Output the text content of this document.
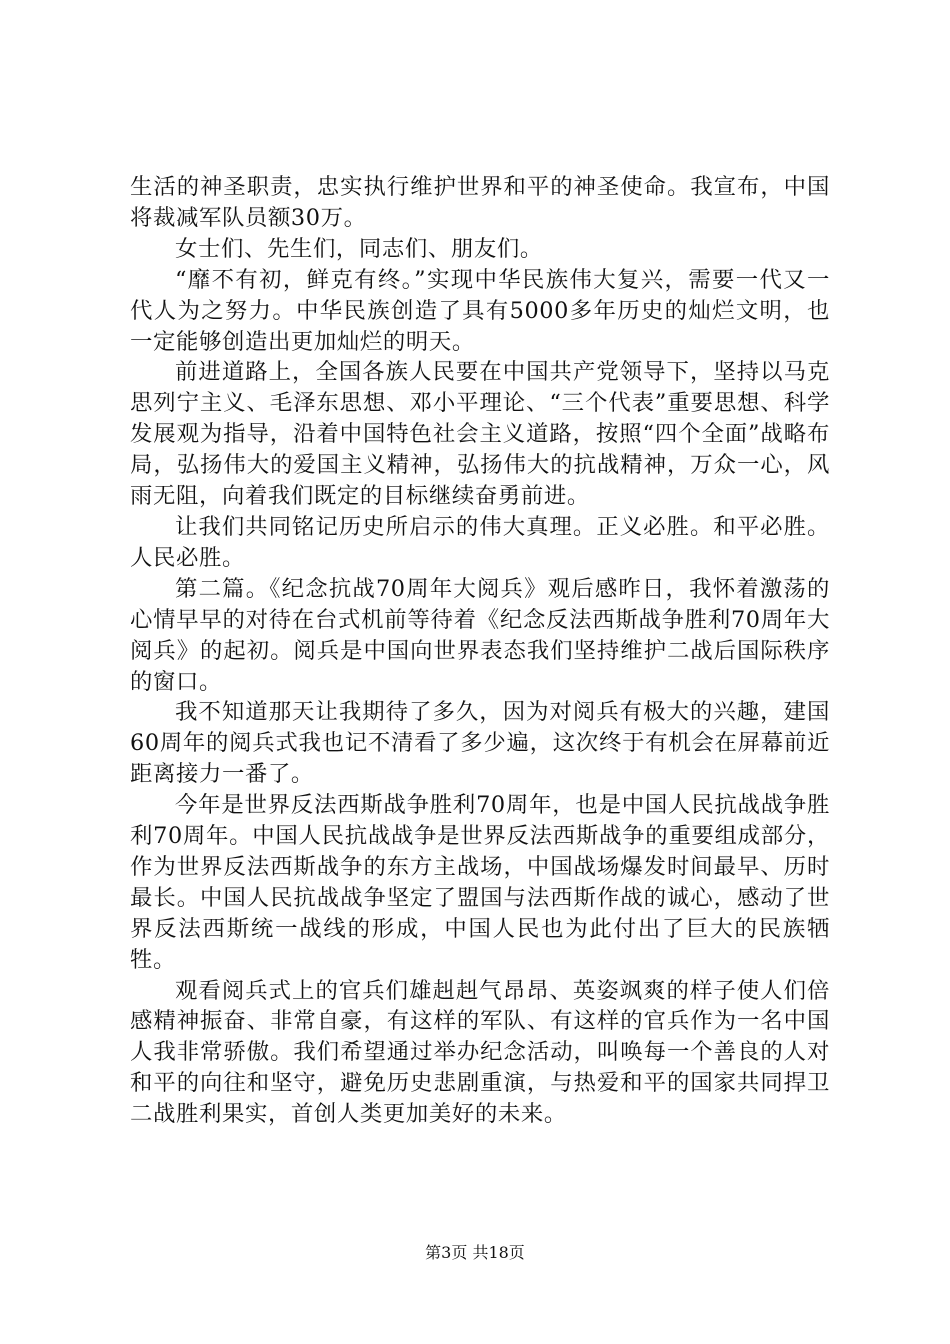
生活的神圣职责，忠实执行维护世界和平的神圣使命。我宣布，中国将裁减军队员额30万。

女士们、先生们，同志们、朋友们。

“靡不有初，鲜克有终。”实现中华民族伟大复兴，需要一代又一代人为之努力。中华民族创造了具有5000多年历史的灿烂文明，也一定能够创造出更加灿烂的明天。

前进道路上，全国各族人民要在中国共产党领导下，坚持以马克思列宁主义、毛泽东思想、邓小平理论、“三个代表”重要思想、科学发展观为指导，沿着中国特色社会主义道路，按照“四个全面”战略布局，弘扬伟大的爱国主义精神，弘扬伟大的抗战精神，万众一心，风雨无阻，向着我们既定的目标继续奋勇前进。

让我们共同铭记历史所启示的伟大真理。正义必胜。和平必胜。人民必胜。

第二篇。《纪念抗战70周年大阅兵》观后感昨日，我怀着激荡的心情早早的对待在台式机前等待着《纪念反法西斯战争胜利70周年大阅兵》的起初。阅兵是中国向世界表态我们坚持维护二战后国际秩序的窗口。

我不知道那天让我期待了多久，因为对阅兵有极大的兴趣，建国60周年的阅兵式我也记不清看了多少遍，这次终于有机会在屏幕前近距离接力一番了。

今年是世界反法西斯战争胜利70周年，也是中国人民抗战战争胜利70周年。中国人民抗战战争是世界反法西斯战争的重要组成部分，作为世界反法西斯战争的东方主战场，中国战场爆发时间最早、历时最长。中国人民抗战战争坚定了盟国与法西斯作战的诚心，感动了世界反法西斯统一战线的形成，中国人民也为此付出了巨大的民族牺牲。

观看阅兵式上的官兵们雄赳赳气昂昂、英姿飒爽的样子使人们倍感精神振奋、非常自豪，有这样的军队、有这样的官兵作为一名中国人我非常骄傲。我们希望通过举办纪念活动，叫唤每一个善良的人对和平的向往和坚守，避免历史悲剧重演，与热爱和平的国家共同捍卫二战胜利果实，首创人类更加美好的未来。

第3页 共18页
